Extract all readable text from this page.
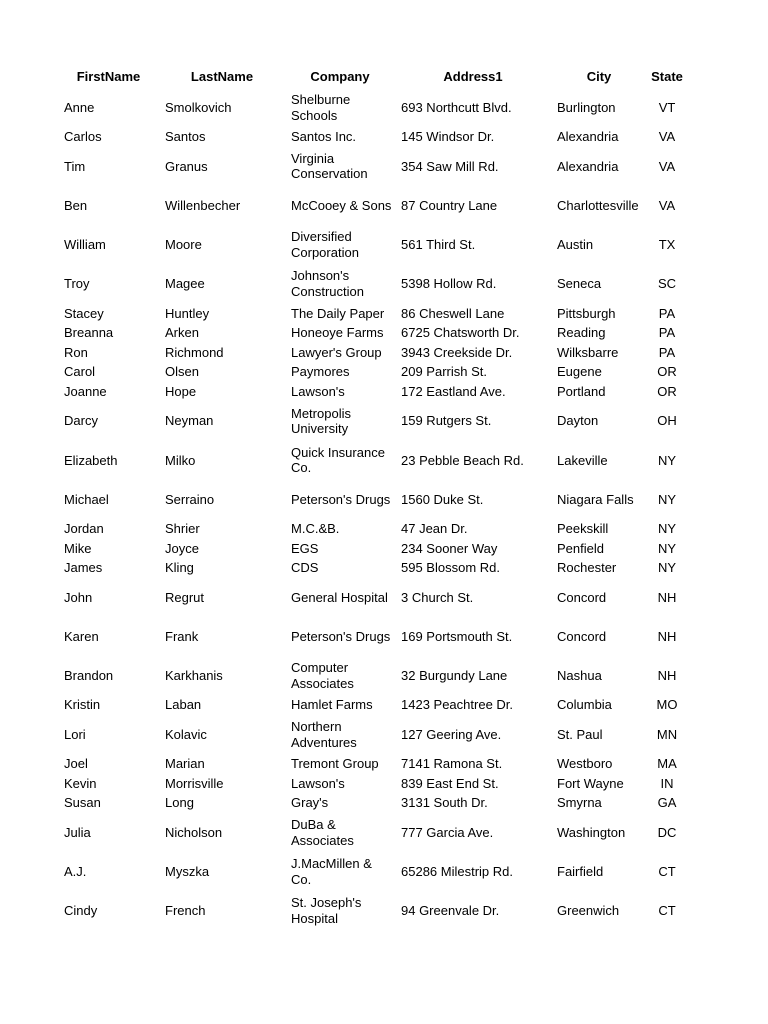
FirstName	LastName	Company	Address1	City	State
Anne	Smolkovich	Shelburne Schools	693 Northcutt Blvd.	Burlington	VT
Carlos	Santos	Santos Inc.	145 Windsor Dr.	Alexandria	VA
Tim	Granus	Virginia Conservation	354 Saw Mill Rd.	Alexandria	VA
Ben	Willenbecher	McCooey & Sons	87 Country Lane	Charlottesville	VA
William	Moore	Diversified Corporation	561 Third St.	Austin	TX
Troy	Magee	Johnson's Construction	5398 Hollow Rd.	Seneca	SC
Stacey	Huntley	The Daily Paper	86 Cheswell Lane	Pittsburgh	PA
Breanna	Arken	Honeoye Farms	6725 Chatsworth Dr.	Reading	PA
Ron	Richmond	Lawyer's Group	3943 Creekside Dr.	Wilksbarre	PA
Carol	Olsen	Paymores	209 Parrish St.	Eugene	OR
Joanne	Hope	Lawson's	172 Eastland Ave.	Portland	OR
Darcy	Neyman	Metropolis University	159 Rutgers St.	Dayton	OH
Elizabeth	Milko	Quick Insurance Co.	23 Pebble Beach Rd.	Lakeville	NY
Michael	Serraino	Peterson's Drugs	1560 Duke St.	Niagara Falls	NY
Jordan	Shrier	M.C.&B.	47 Jean Dr.	Peekskill	NY
Mike	Joyce	EGS	234 Sooner Way	Penfield	NY
James	Kling	CDS	595 Blossom Rd.	Rochester	NY
John	Regrut	General Hospital	3 Church St.	Concord	NH
Karen	Frank	Peterson's Drugs	169 Portsmouth St.	Concord	NH
Brandon	Karkhanis	Computer Associates	32 Burgundy Lane	Nashua	NH
Kristin	Laban	Hamlet Farms	1423 Peachtree Dr.	Columbia	MO
Lori	Kolavic	Northern Adventures	127 Geering Ave.	St. Paul	MN
Joel	Marian	Tremont Group	7141 Ramona St.	Westboro	MA
Kevin	Morrisville	Lawson's	839 East End St.	Fort Wayne	IN
Susan	Long	Gray's	3131 South Dr.	Smyrna	GA
Julia	Nicholson	DuBa & Associates	777 Garcia Ave.	Washington	DC
A.J.	Myszka	J.MacMillen & Co.	65286 Milestrip Rd.	Fairfield	CT
Cindy	French	St. Joseph's Hospital	94 Greenvale Dr.	Greenwich	CT
